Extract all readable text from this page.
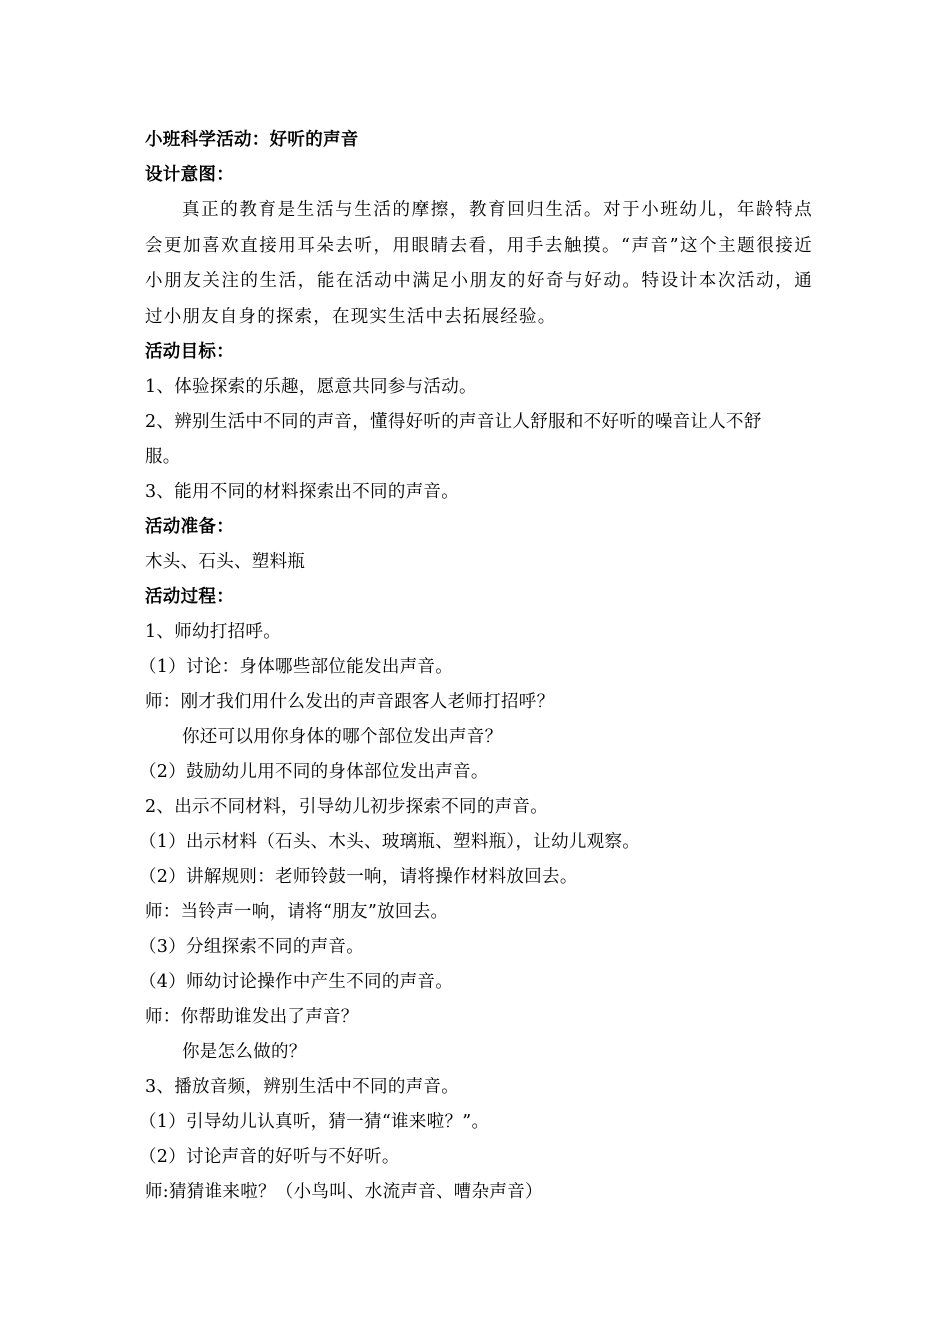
小班科学活动：好听的声音
设计意图：

真正的教育是生活与生活的摩擦，教育回归生活。对于小班幼儿，年龄特点会更加喜欢直接用耳朵去听，用眼睛去看，用手去触摸。“声音”这个主题很接近小朋友关注的生活，能在活动中满足小朋友的好奇与好动。特设计本次活动，通过小朋友自身的探索，在现实生活中去拓展经验。

活动目标：
1、体验探索的乐趣，愿意共同参与活动。
2、辨别生活中不同的声音，懂得好听的声音让人舒服和不好听的噪音让人不舒
服。
3、能用不同的材料探索出不同的声音。
活动准备：
木头、石头、塑料瓶
活动过程：
1、师幼打招呼。
（1）讨论：身体哪些部位能发出声音。
师：刚才我们用什么发出的声音跟客人老师打招呼？
你还可以用你身体的哪个部位发出声音？
（2）鼓励幼儿用不同的身体部位发出声音。
2、出示不同材料，引导幼儿初步探索不同的声音。
（1）出示材料（石头、木头、玻璃瓶、塑料瓶），让幼儿观察。
（2）讲解规则：老师铃鼓一响，请将操作材料放回去。
师：当铃声一响，请将“朋友”放回去。
（3）分组探索不同的声音。
（4）师幼讨论操作中产生不同的声音。
师：你帮助谁发出了声音？
你是怎么做的？
3、播放音频，辨别生活中不同的声音。
（1）引导幼儿认真听，猜一猜“谁来啦？”。
（2）讨论声音的好听与不好听。
师:猜猜谁来啦？（小鸟叫、水流声音、嘈杂声音）
